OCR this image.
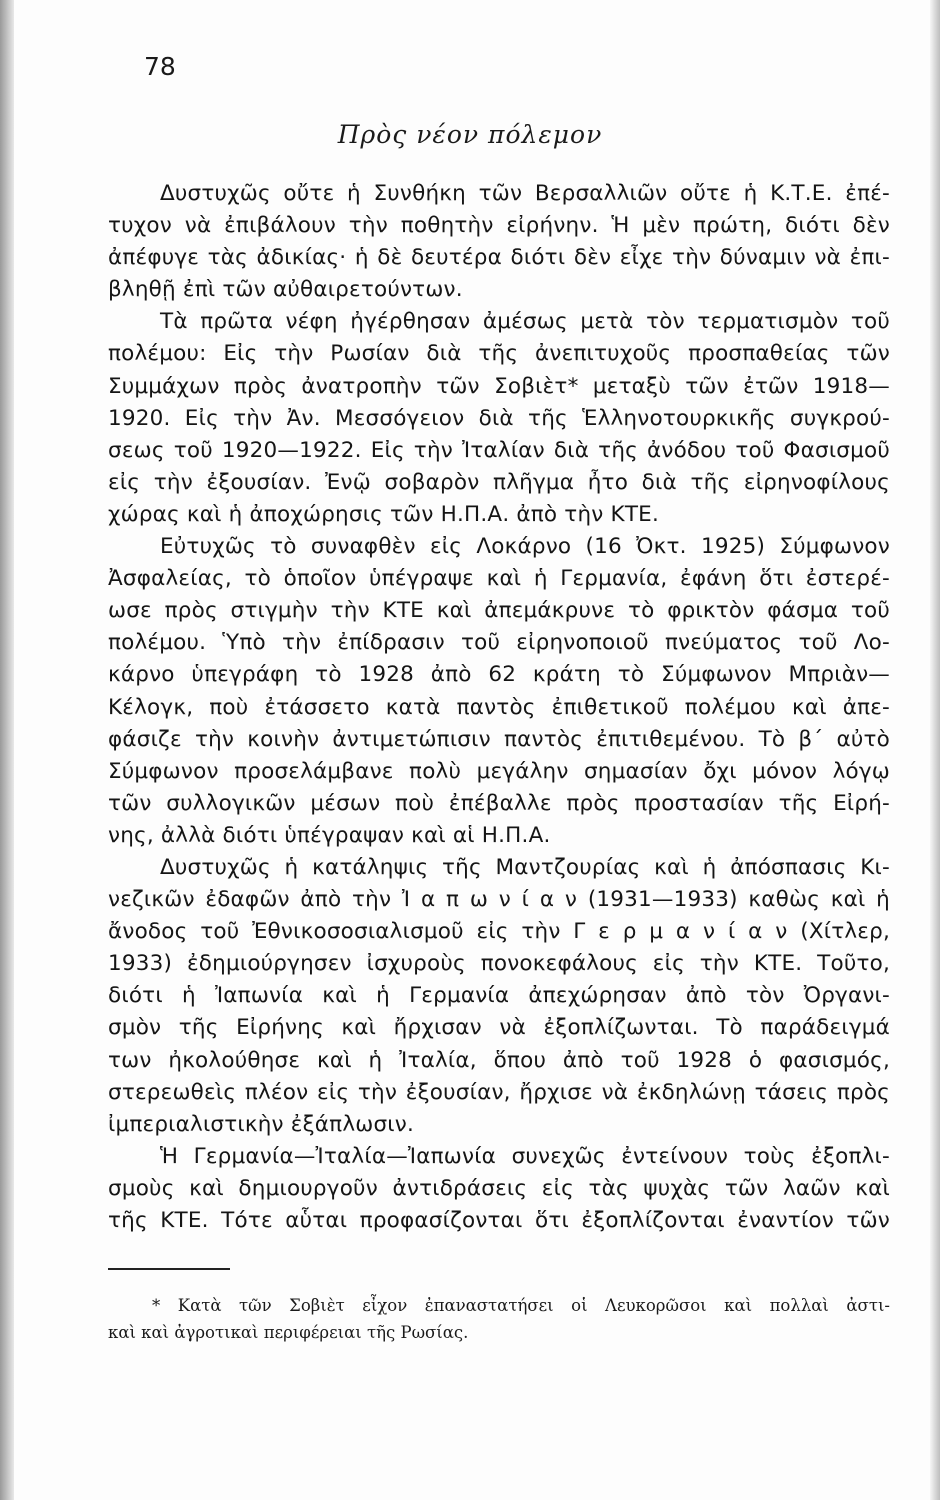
78
Πρὸς νέον πόλεμον
Δυστυχῶς οὔτε ἡ Συνθήκη τῶν Βερσαλλιῶν οὔτε ἡ Κ.Τ.Ε. ἐπέ-
τυχον νὰ ἐπιβάλουν τὴν ποθητὴν εἰρήνην. Ἡ μὲν πρώτη, διότι δὲν
ἀπέφυγε τὰς ἀδικίας· ἡ δὲ δευτέρα διότι δὲν εἶχε τὴν δύναμιν νὰ ἐπι-
βληθῇ ἐπὶ τῶν αὐθαιρετούντων.
Τὰ πρῶτα νέφη ἠγέρθησαν ἀμέσως μετὰ τὸν τερματισμὸν τοῦ
πολέμου: Εἰς τὴν Ρωσίαν διὰ τῆς ἀνεπιτυχοῦς προσπαθείας τῶν
Συμμάχων πρὸς ἀνατροπὴν τῶν Σοβιὲτ* μεταξὺ τῶν ἐτῶν 1918—
1920. Εἰς τὴν Ἀν. Μεσσόγειον διὰ τῆς Ἑλληνοτουρκικῆς συγκρού-
σεως τοῦ 1920—1922. Εἰς τὴν Ἰταλίαν διὰ τῆς ἀνόδου τοῦ Φασισμοῦ
εἰς τὴν ἐξουσίαν. Ἐνῷ σοβαρὸν πλῆγμα ἦτο διὰ τῆς εἰρηνοφίλους
χώρας καὶ ἡ ἀποχώρησις τῶν Η.Π.Α. ἀπὸ τὴν ΚΤΕ.
Εὐτυχῶς τὸ συναφθὲν εἰς Λοκάρνο (16 Ὀκτ. 1925) Σύμφωνον
Ἀσφαλείας, τὸ ὁποῖον ὑπέγραψε καὶ ἡ Γερμανία, ἐφάνη ὅτι ἐστερέ-
ωσε πρὸς στιγμὴν τὴν ΚΤΕ καὶ ἀπεμάκρυνε τὸ φρικτὸν φάσμα τοῦ
πολέμου. Ὑπὸ τὴν ἐπίδρασιν τοῦ εἰρηνοποιοῦ πνεύματος τοῦ Λο-
κάρνο ὑπεγράφη τὸ 1928 ἀπὸ 62 κράτη τὸ Σύμφωνον Μπριὰν—
Κέλογκ, ποὺ ἐτάσσετο κατὰ παντὸς ἐπιθετικοῦ πολέμου καὶ ἀπε-
φάσιζε τὴν κοινὴν ἀντιμετώπισιν παντὸς ἐπιτιθεμένου. Τὸ β΄ αὐτὸ
Σύμφωνον προσελάμβανε πολὺ μεγάλην σημασίαν ὄχι μόνον λόγῳ
τῶν συλλογικῶν μέσων ποὺ ἐπέβαλλε πρὸς προστασίαν τῆς Εἰρή-
νης, ἀλλὰ διότι ὑπέγραψαν καὶ αἱ Η.Π.Α.
Δυστυχῶς ἡ κατάληψις τῆς Μαντζουρίας καὶ ἡ ἀπόσπασις Κι-
νεζικῶν ἐδαφῶν ἀπὸ τὴν Ἰ α π ω ν ί α ν (1931—1933) καθὼς καὶ ἡ
ἄνοδος τοῦ Ἐθνικοσοσιαλισμοῦ εἰς τὴν Γ ε ρ μ α ν ί α ν (Χίτλερ,
1933) ἐδημιούργησεν ἰσχυροὺς πονοκεφάλους εἰς τὴν ΚΤΕ. Τοῦτο,
διότι ἡ Ἰαπωνία καὶ ἡ Γερμανία ἀπεχώρησαν ἀπὸ τὸν Ὀργανι-
σμὸν τῆς Εἰρήνης καὶ ἤρχισαν νὰ ἐξοπλίζωνται. Τὸ παράδειγμά
των ἠκολούθησε καὶ ἡ Ἰταλία, ὅπου ἀπὸ τοῦ 1928 ὁ φασισμός,
στερεωθεὶς πλέον εἰς τὴν ἐξουσίαν, ἤρχισε νὰ ἐκδηλώνῃ τάσεις πρὸς
ἰμπεριαλιστικὴν ἐξάπλωσιν.
Ἡ Γερμανία—Ἰταλία—Ἰαπωνία συνεχῶς ἐντείνουν τοὺς ἐξοπλι-
σμοὺς καὶ δημιουργοῦν ἀντιδράσεις εἰς τὰς ψυχὰς τῶν λαῶν καὶ
τῆς ΚΤΕ. Τότε αὗται προφασίζονται ὅτι ἐξοπλίζονται ἐναντίον τῶν
* Κατὰ τῶν Σοβιὲτ εἶχον ἐπαναστατήσει οἱ Λευκορῶσοι καὶ πολλαὶ ἀστι-
καὶ καὶ ἀγροτικαὶ περιφέρειαι τῆς Ρωσίας.
